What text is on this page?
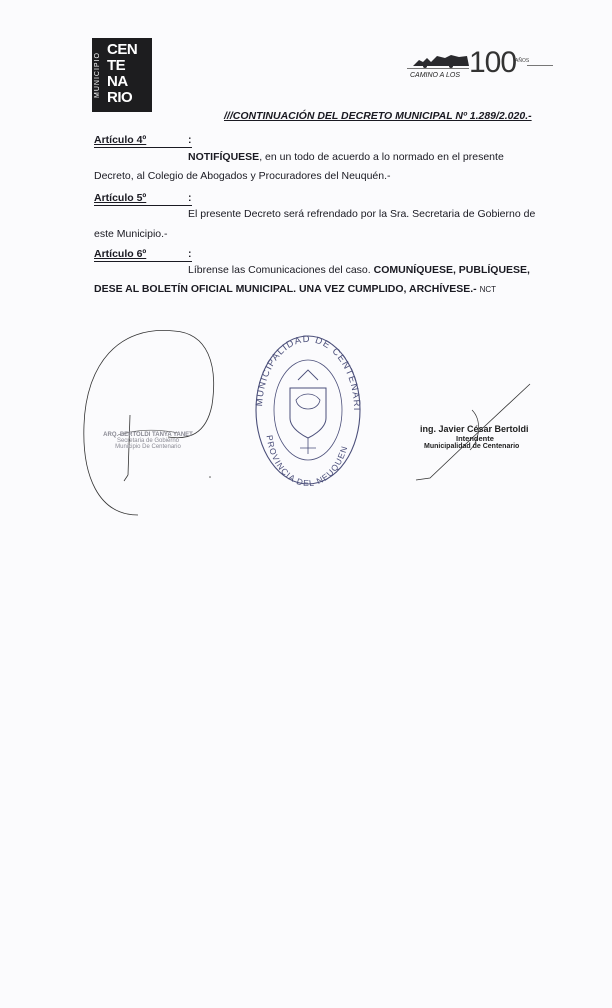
MUNICIPIO
CEN
TE
NA
RIO
100
AÑOS
CAMINO A LOS
///CONTINUACIÓN DEL DECRETO MUNICIPAL Nº 1.289/2.020.-
Artículo 4º	:
NOTIFÍQUESE, en un todo de acuerdo a lo normado en el presente
Decreto, al Colegio de Abogados y Procuradores del Neuquén.-
Artículo 5º	:
El presente Decreto será refrendado por la Sra. Secretaria de Gobierno de
este Municipio.-
Artículo 6º	:
Líbrense las Comunicaciones del caso. COMUNÍQUESE, PUBLÍQUESE,
DESE AL BOLETÍN OFICIAL MUNICIPAL. UNA VEZ CUMPLIDO, ARCHÍVESE.- NCT
ARQ. BERTOLDI TANYA YANET
Secretaria de Gobierno
Municipio De Centenario
MUNICIPALIDAD DE CENTENARI
PROVINCIA DEL NEUQUEN
ing. Javier César Bertoldi
Intendente
Municipalidad de Centenario
